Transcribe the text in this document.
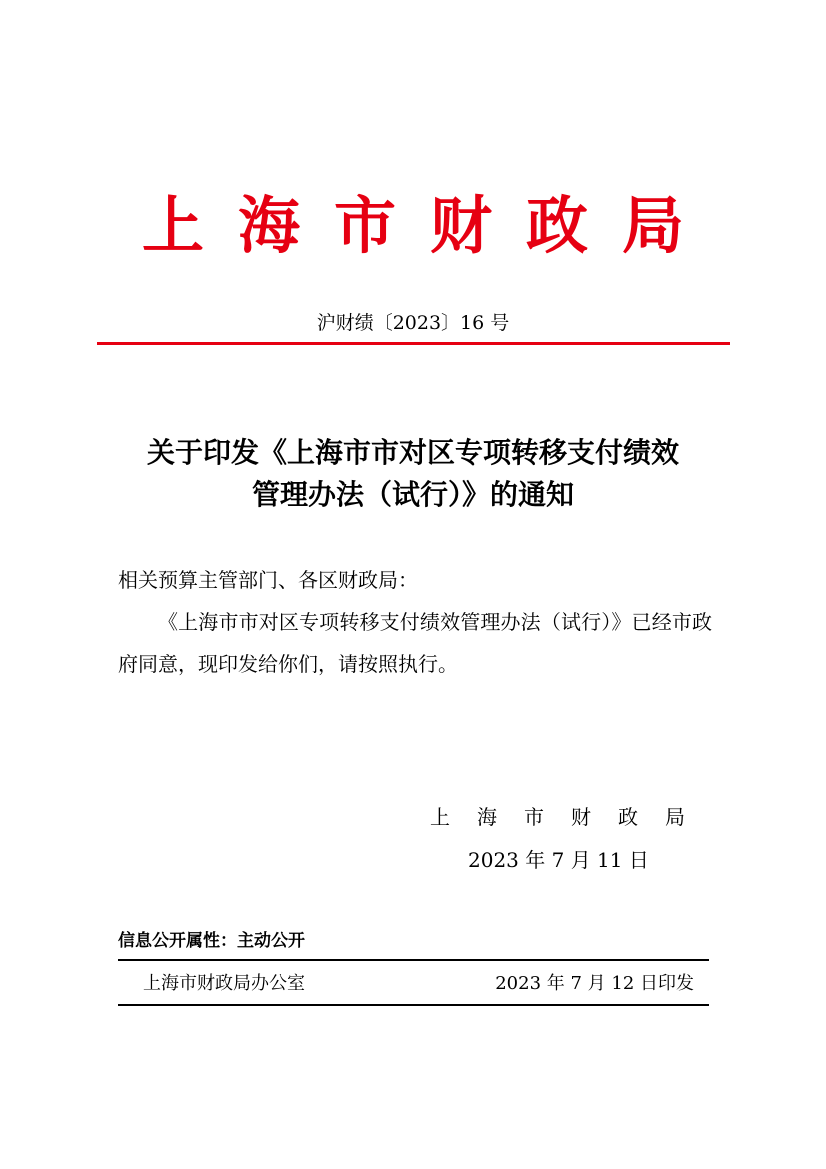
上海市财政局
沪财绩〔2023〕16 号
关于印发《上海市市对区专项转移支付绩效
管理办法（试行）》的通知

相关预算主管部门、各区财政局：

《上海市市对区专项转移支付绩效管理办法（试行）》已经市政府同意，现印发给你们，请按照执行。

上 海 市 财 政 局
2023 年 7 月 11 日
信息公开属性：主动公开
上海市财政局办公室	2023 年 7 月 12 日印发
